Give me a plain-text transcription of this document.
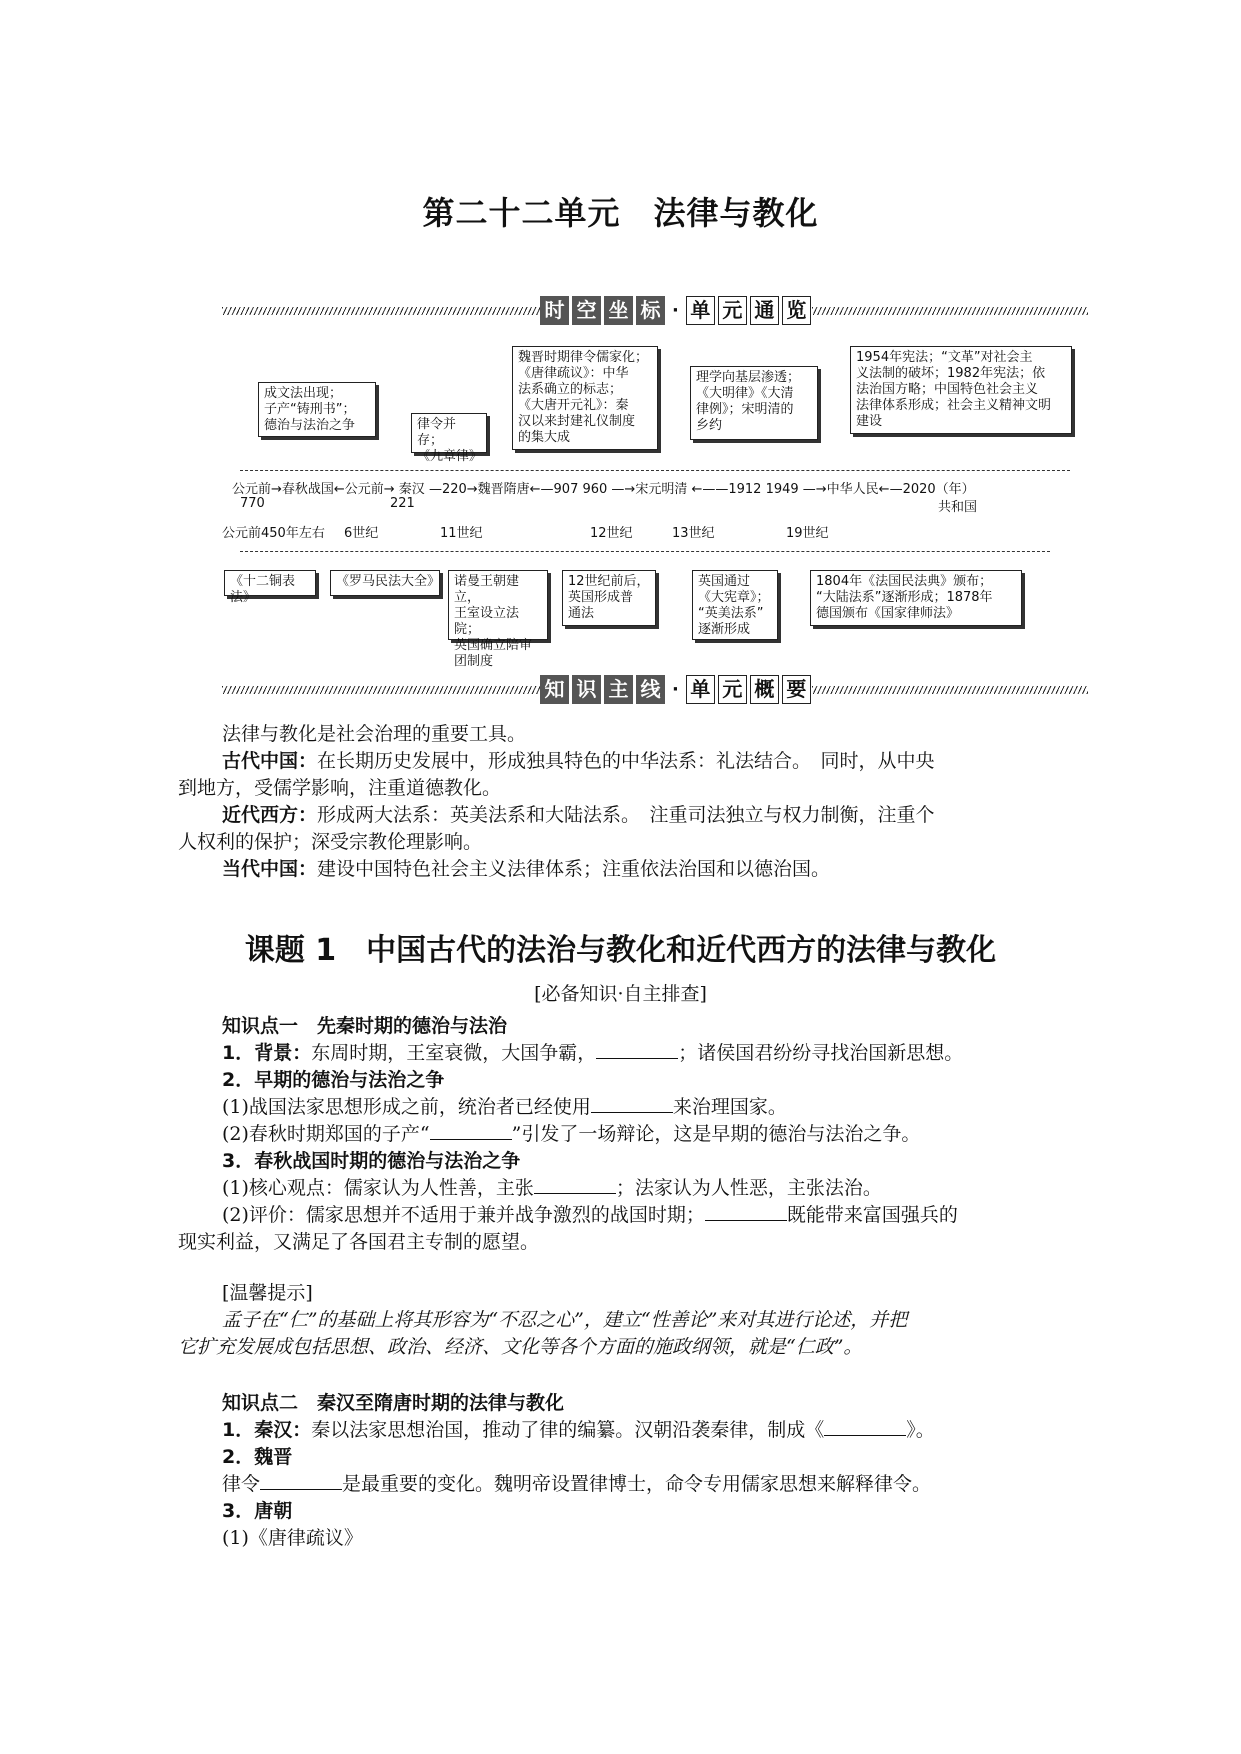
第二十二单元　法律与教化
时 空 坐 标 · 单 元 通 览
成文法出现；
子产“铸刑书”；
德治与法治之争	律令并存；
《九章律》
魏晋时期律令儒家化；
《唐律疏议》：中华
法系确立的标志；
《大唐开元礼》：秦
汉以来封建礼仪制度
的集大成
理学向基层渗透；
《大明律》《大清
律例》；宋明清的
乡约
1954年宪法；“文革”对社会主
义法制的破坏；1982年宪法；依
法治国方略；中国特色社会主义
法律体系形成；社会主义精神文明
建设
公元前→春秋战国←公元前→ 秦汉 —220→魏晋隋唐←—907 960 —→宋元明清 ←——1912 1949 —→中华人民←—2020（年）
770	221	共和国
公元前450年左右 6世纪	11世纪	12世纪	13世纪	19世纪
《十二铜表法》
《罗马民法大全》	诺曼王朝建立，
王室设立法院；
英国确立陪审
团制度
12世纪前后，
英国形成普
通法
英国通过
《大宪章》；
“英美法系”
逐渐形成
1804年《法国民法典》颁布；
“大陆法系”逐渐形成；1878年
德国颁布《国家律师法》
知 识 主 线 · 单 元 概 要
法律与教化是社会治理的重要工具。
古代中国：在长期历史发展中，形成独具特色的中华法系：礼法结合。　同时，从中央
到地方，受儒学影响，注重道德教化。
近代西方：形成两大法系：英美法系和大陆法系。　注重司法独立与权力制衡，注重个
人权利的保护；深受宗教伦理影响。
当代中国：建设中国特色社会主义法律体系；注重依法治国和以德治国。
课题 1　中国古代的法治与教化和近代西方的法律与教化
[必备知识·自主排查]
知识点一　先秦时期的德治与法治
1．背景：东周时期，王室衰微，大国争霸，	；诸侯国君纷纷寻找治国新思想。
2．早期的德治与法治之争
(1)战国法家思想形成之前，统治者已经使用	来治理国家。
(2)春秋时期郑国的子产“	”引发了一场辩论，这是早期的德治与法治之争。
3．春秋战国时期的德治与法治之争
(1)核心观点：儒家认为人性善，主张	；法家认为人性恶，主张法治。
(2)评价：儒家思想并不适用于兼并战争激烈的战国时期；	既能带来富国强兵的
现实利益，又满足了各国君主专制的愿望。
[温馨提示]
孟子在“仁”的基础上将其形容为“不忍之心”，建立“性善论”来对其进行论述，并把
它扩充发展成包括思想、政治、经济、文化等各个方面的施政纲领，就是“仁政”。
知识点二　秦汉至隋唐时期的法律与教化
1．秦汉：秦以法家思想治国，推动了律的编纂。汉朝沿袭秦律，制成《	》。
2．魏晋
律令	是最重要的变化。魏明帝设置律博士，命令专用儒家思想来解释律令。
3．唐朝
(1)《唐律疏议》
